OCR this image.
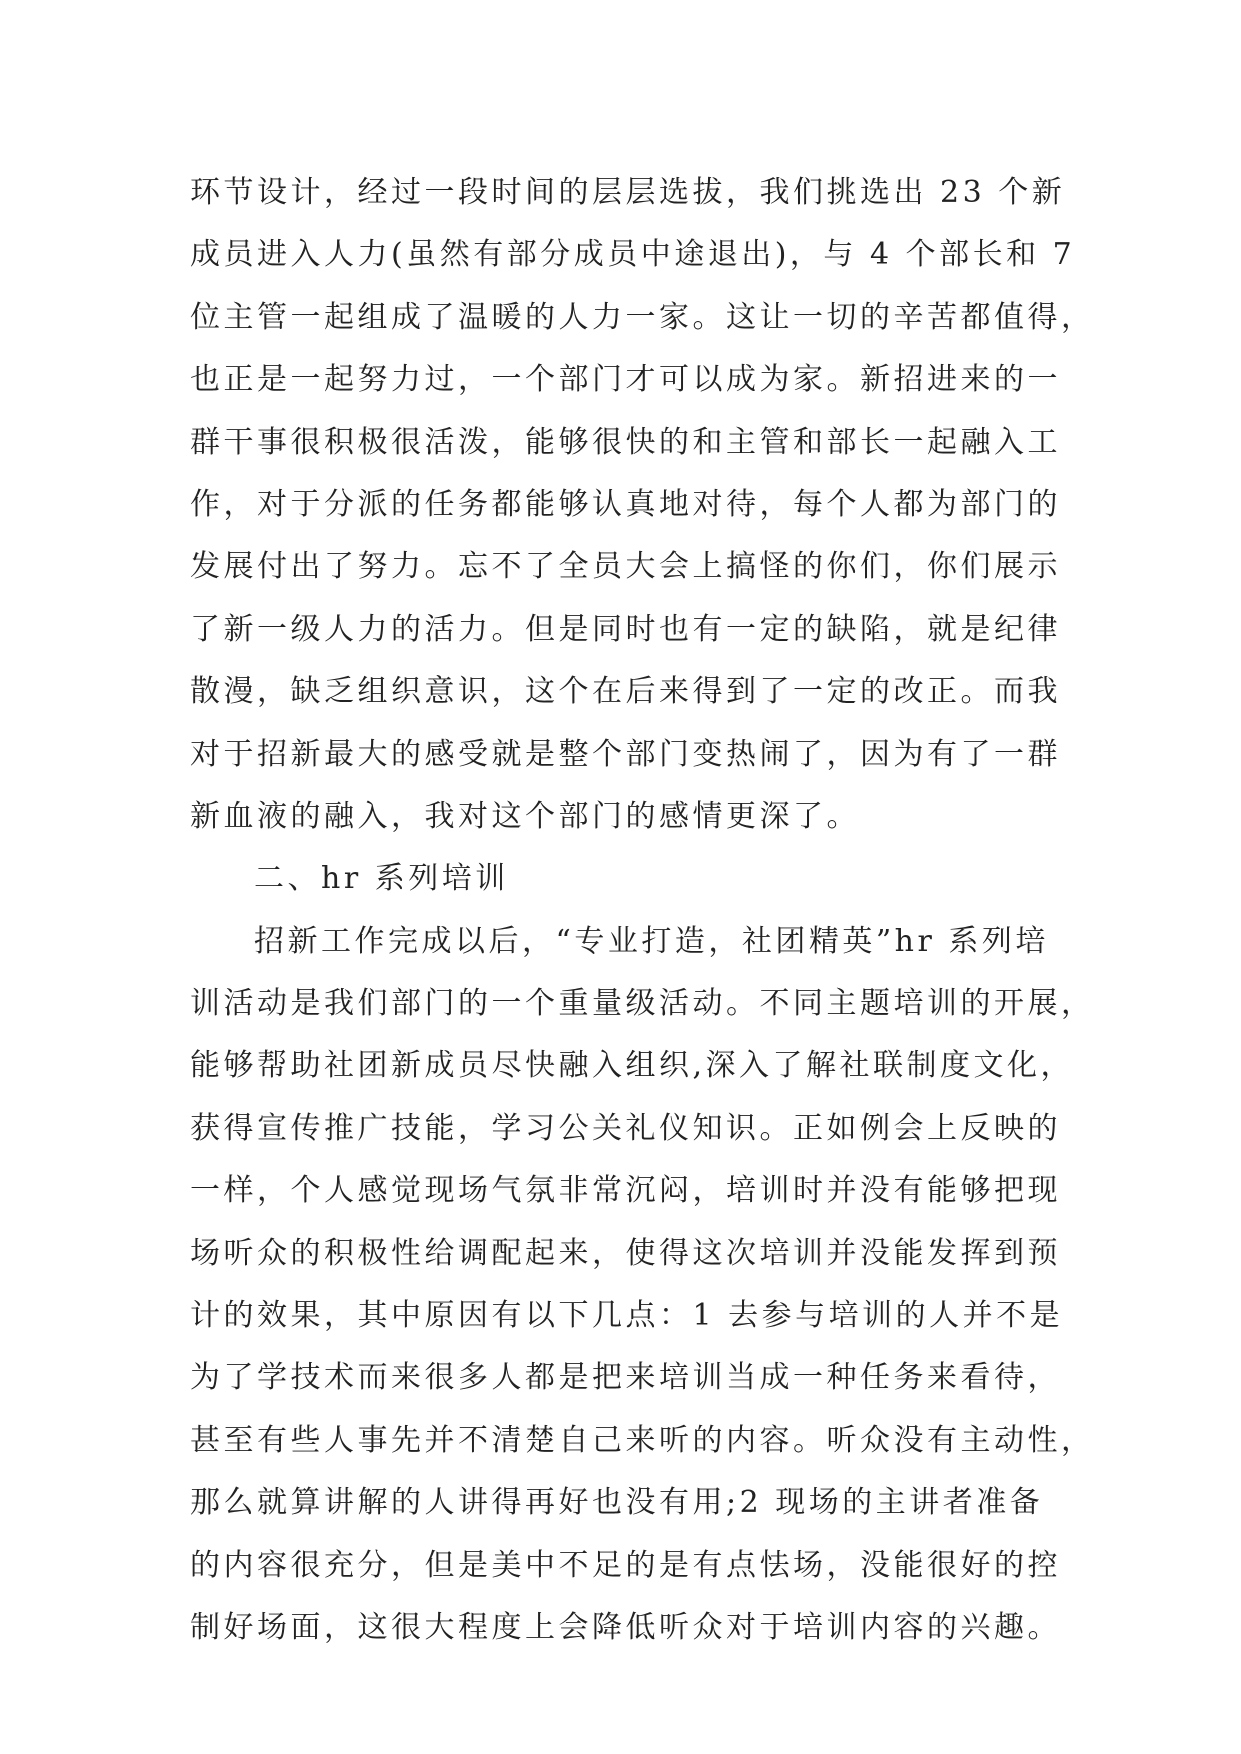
环节设计，经过一段时间的层层选拔，我们挑选出 23 个新
成员进入人力(虽然有部分成员中途退出)，与 4 个部长和 7
位主管一起组成了温暖的人力一家。这让一切的辛苦都值得，
也正是一起努力过，一个部门才可以成为家。新招进来的一
群干事很积极很活泼，能够很快的和主管和部长一起融入工
作，对于分派的任务都能够认真地对待，每个人都为部门的
发展付出了努力。忘不了全员大会上搞怪的你们，你们展示
了新一级人力的活力。但是同时也有一定的缺陷，就是纪律
散漫，缺乏组织意识，这个在后来得到了一定的改正。而我
对于招新最大的感受就是整个部门变热闹了，因为有了一群
新血液的融入，我对这个部门的感情更深了。
二、hr 系列培训
招新工作完成以后，“专业打造，社团精英”hr 系列培
训活动是我们部门的一个重量级活动。不同主题培训的开展，
能够帮助社团新成员尽快融入组织,深入了解社联制度文化，
获得宣传推广技能，学习公关礼仪知识。正如例会上反映的
一样，个人感觉现场气氛非常沉闷，培训时并没有能够把现
场听众的积极性给调配起来，使得这次培训并没能发挥到预
计的效果，其中原因有以下几点：1 去参与培训的人并不是
为了学技术而来很多人都是把来培训当成一种任务来看待，
甚至有些人事先并不清楚自己来听的内容。听众没有主动性，
那么就算讲解的人讲得再好也没有用;2 现场的主讲者准备
的内容很充分，但是美中不足的是有点怯场，没能很好的控
制好场面，这很大程度上会降低听众对于培训内容的兴趣。
